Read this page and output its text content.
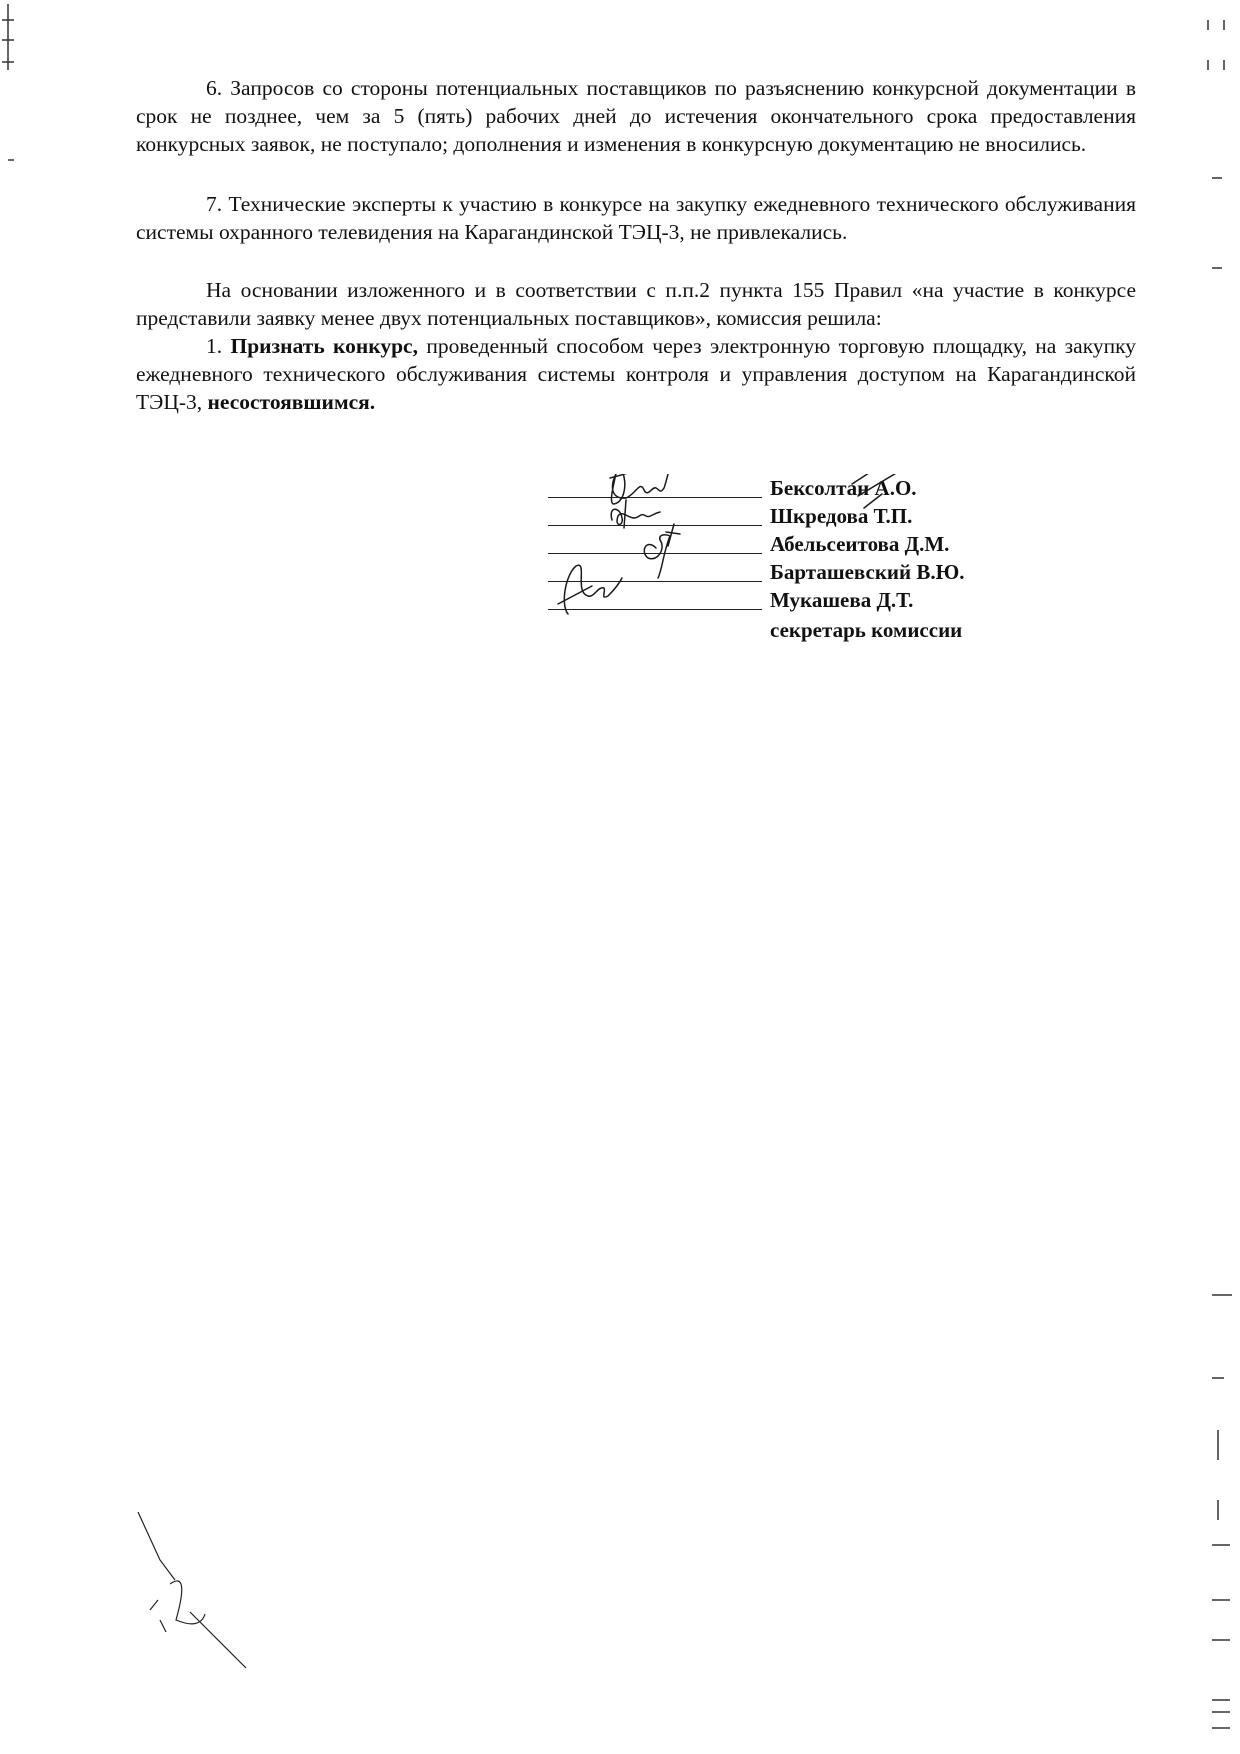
6. Запросов со стороны потенциальных поставщиков по разъяснению конкурсной документации в срок не позднее, чем за 5 (пять) рабочих дней до истечения окончательного срока предоставления конкурсных заявок, не поступало; дополнения и изменения в конкурсную документацию не вносились.

7. Технические эксперты к участию в конкурсе на закупку ежедневного технического обслуживания системы охранного телевидения на Карагандинской ТЭЦ-3, не привлекались.

На основании изложенного и в соответствии с п.п.2 пункта 155 Правил «на участие в конкурсе представили заявку менее двух потенциальных поставщиков», комиссия решила:

1. Признать конкурс, проведенный способом через электронную торговую площадку, на закупку ежедневного технического обслуживания системы контроля и управления доступом на Карагандинской ТЭЦ-3, несостоявшимся.

Бексолтан А.О.
Шкредова Т.П.
Абельсеитова Д.М.
Барташевский В.Ю.
Мукашева Д.Т.
секретарь комиссии
